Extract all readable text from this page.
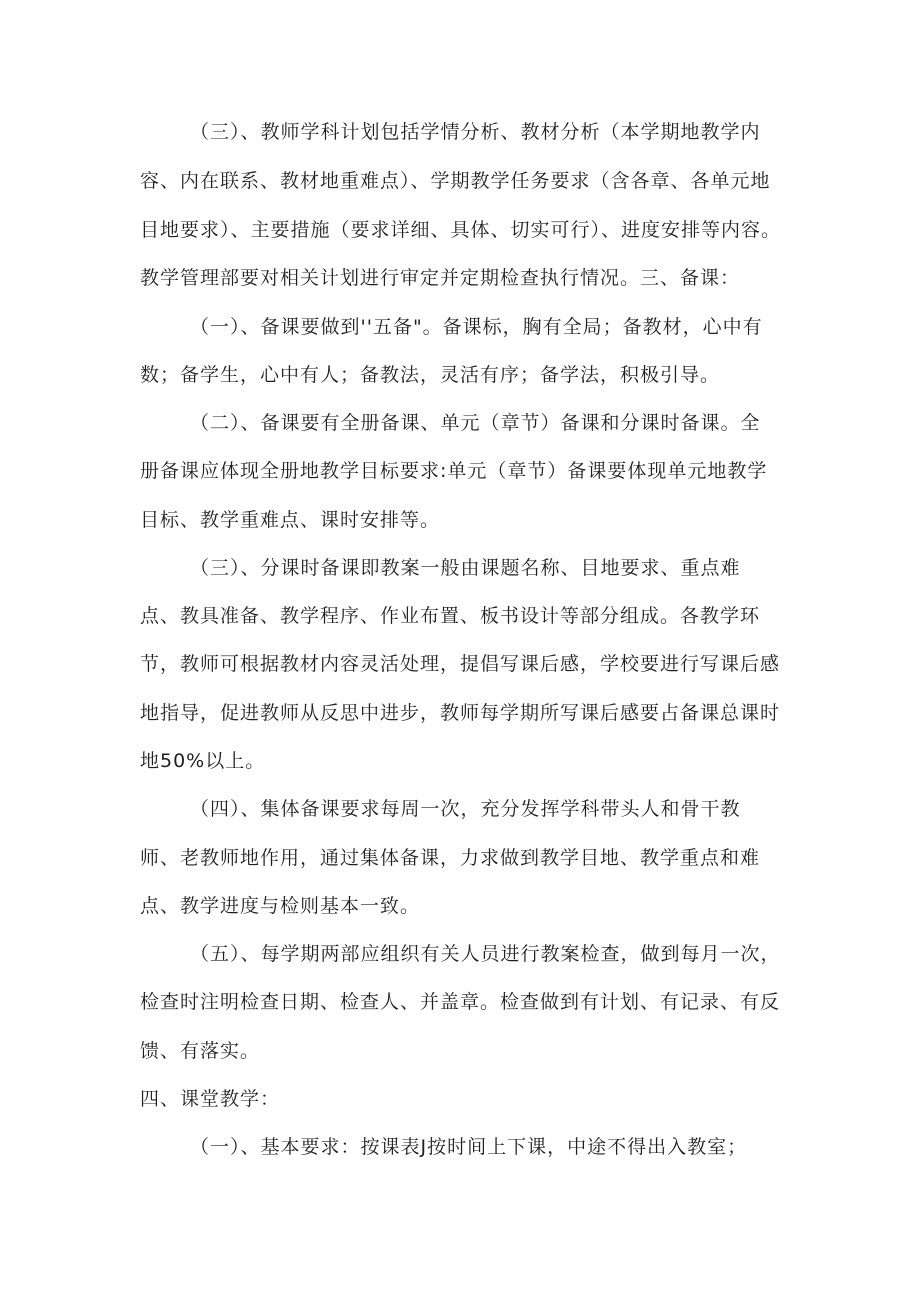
（三）、教师学科计划包括学情分析、教材分析（本学期地教学内
容、内在联系、教材地重难点）、学期教学任务要求（含各章、各单元地
目地要求）、主要措施（要求详细、具体、切实可行）、进度安排等内容。
教学管理部要对相关计划进行审定并定期检查执行情况。三、备课：
（一）、备课要做到''五备"。备课标，胸有全局；备教材，心中有
数；备学生，心中有人；备教法，灵活有序；备学法，积极引导。
（二）、备课要有全册备课、单元（章节）备课和分课时备课。全
册备课应体现全册地教学目标要求:单元（章节）备课要体现单元地教学
目标、教学重难点、课时安排等。
（三）、分课时备课即教案一般由课题名称、目地要求、重点难
点、教具准备、教学程序、作业布置、板书设计等部分组成。各教学环
节，教师可根据教材内容灵活处理，提倡写课后感，学校要进行写课后感
地指导，促进教师从反思中进步，教师每学期所写课后感要占备课总课时
地50%以上。
（四）、集体备课要求每周一次，充分发挥学科带头人和骨干教
师、老教师地作用，通过集体备课，力求做到教学目地、教学重点和难
点、教学进度与检则基本一致。
（五）、每学期两部应组织有关人员进行教案检查，做到每月一次，
检查时注明检查日期、检查人、并盖章。检查做到有计划、有记录、有反
馈、有落实。
四、课堂教学：
（一）、基本要求：按课表J按时间上下课，中途不得出入教室；
